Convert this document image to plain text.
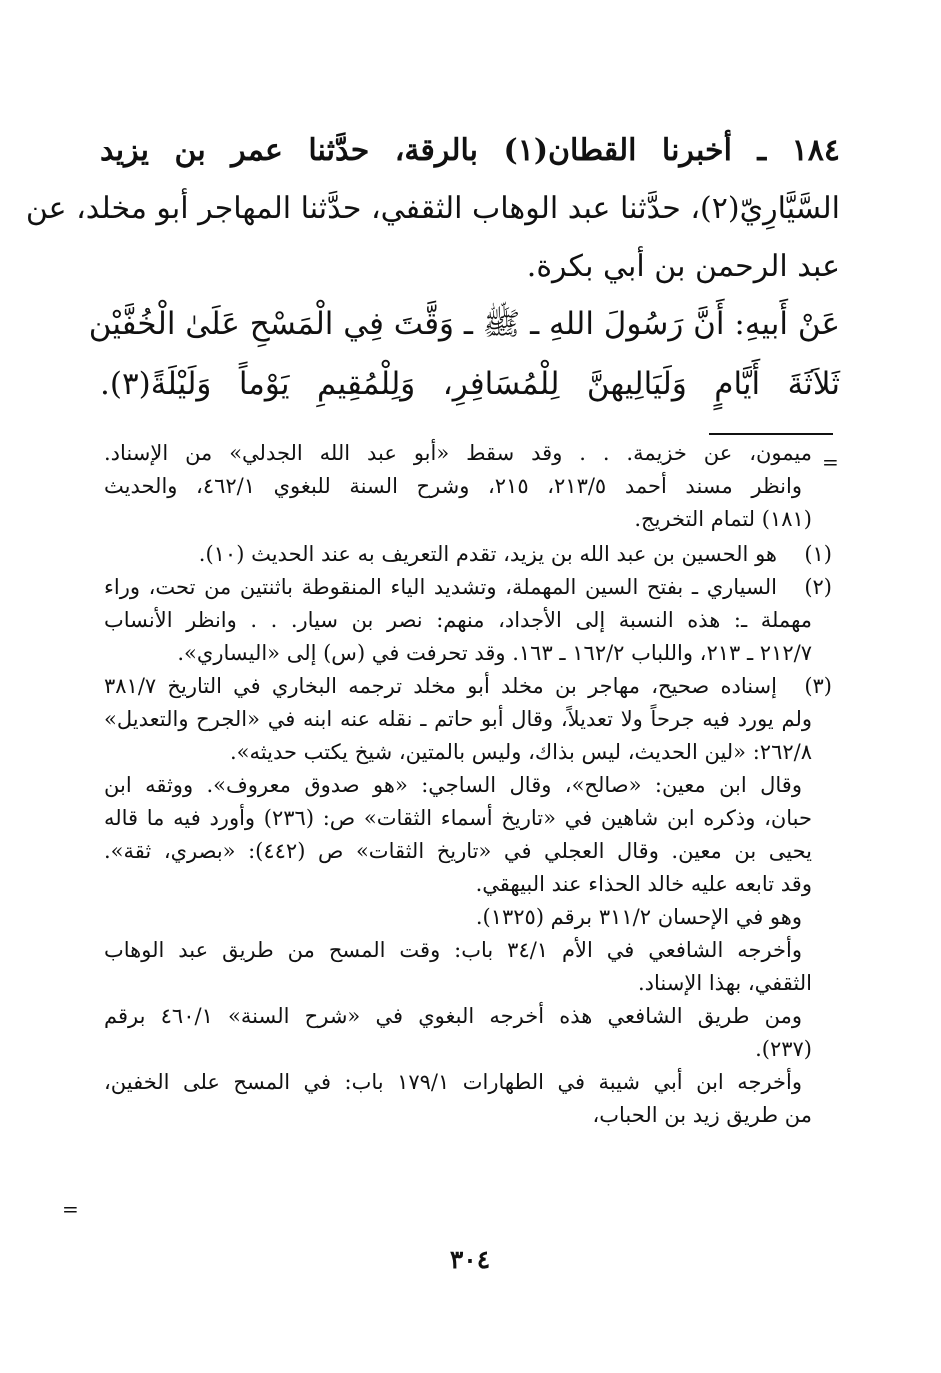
١٨٤ ـ أخبرنا القطان(١) بالرقة، حدَّثنا عمر بن يزيد
السَّيَّارِيّ(٢)، حدَّثنا عبد الوهاب الثقفي، حدَّثنا المهاجر أبو مخلد، عن
عبد الرحمن بن أبي بكرة.
عَنْ أَبيهِ: أَنَّ رَسُولَ اللهِ ـ ﷺ ـ وَقَّتَ فِي الْمَسْحِ عَلَىٰ الْخُفَّيْن
ثَلاَثَةَ أَيَّامٍ وَلَيَالِيهنَّ لِلْمُسَافِرِ، وَلِلْمُقِيمِ يَوْماً وَلَيْلَةً(٣).
=
ميمون، عن خزيمة. . . وقد سقط «أبو عبد الله الجدلي» من الإسناد.
وانظر مسند أحمد ٢١٣/٥، ٢١٥، وشرح السنة للبغوي ٤٦٢/١، والحديث
(١٨١) لتمام التخريج.
(١)
هو الحسين بن عبد الله بن يزيد، تقدم التعريف به عند الحديث (١٠).
(٢)
السياري ـ بفتح السين المهملة، وتشديد الياء المنقوطة باثنتين من تحت، وراء
مهملة ـ: هذه النسبة إلى الأجداد، منهم: نصر بن سيار. . . وانظر الأنساب
٢١٢/٧ ـ ٢١٣، واللباب ١٦٢/٢ ـ ١٦٣. وقد تحرفت في (س) إلى «اليساري».
(٣)
إسناده صحيح، مهاجر بن مخلد أبو مخلد ترجمه البخاري في التاريخ ٣٨١/٧
ولم يورد فيه جرحاً ولا تعديلاً، وقال أبو حاتم ـ نقله عنه ابنه في «الجرح والتعديل»
٢٦٢/٨: «لين الحديث، ليس بذاك، وليس بالمتين، شيخ يكتب حديثه».
وقال ابن معين: «صالح»، وقال الساجي: «هو صدوق معروف». ووثقه ابن
حبان، وذكره ابن شاهين في «تاريخ أسماء الثقات» ص: (٢٣٦) وأورد فيه ما قاله
يحيى بن معين. وقال العجلي في «تاريخ الثقات» ص (٤٤٢): «بصري، ثقة».
وقد تابعه عليه خالد الحذاء عند البيهقي.
وهو في الإحسان ٣١١/٢ برقم (١٣٢٥).
وأخرجه الشافعي في الأم ٣٤/١ باب: وقت المسح من طريق عبد الوهاب
الثقفي، بهذا الإسناد.
ومن طريق الشافعي هذه أخرجه البغوي في «شرح السنة» ٤٦٠/١ برقم
(٢٣٧).
وأخرجه ابن أبي شيبة في الطهارات ١٧٩/١ باب: في المسح على الخفين،
من طريق زيد بن الحباب،
=
٣٠٤
